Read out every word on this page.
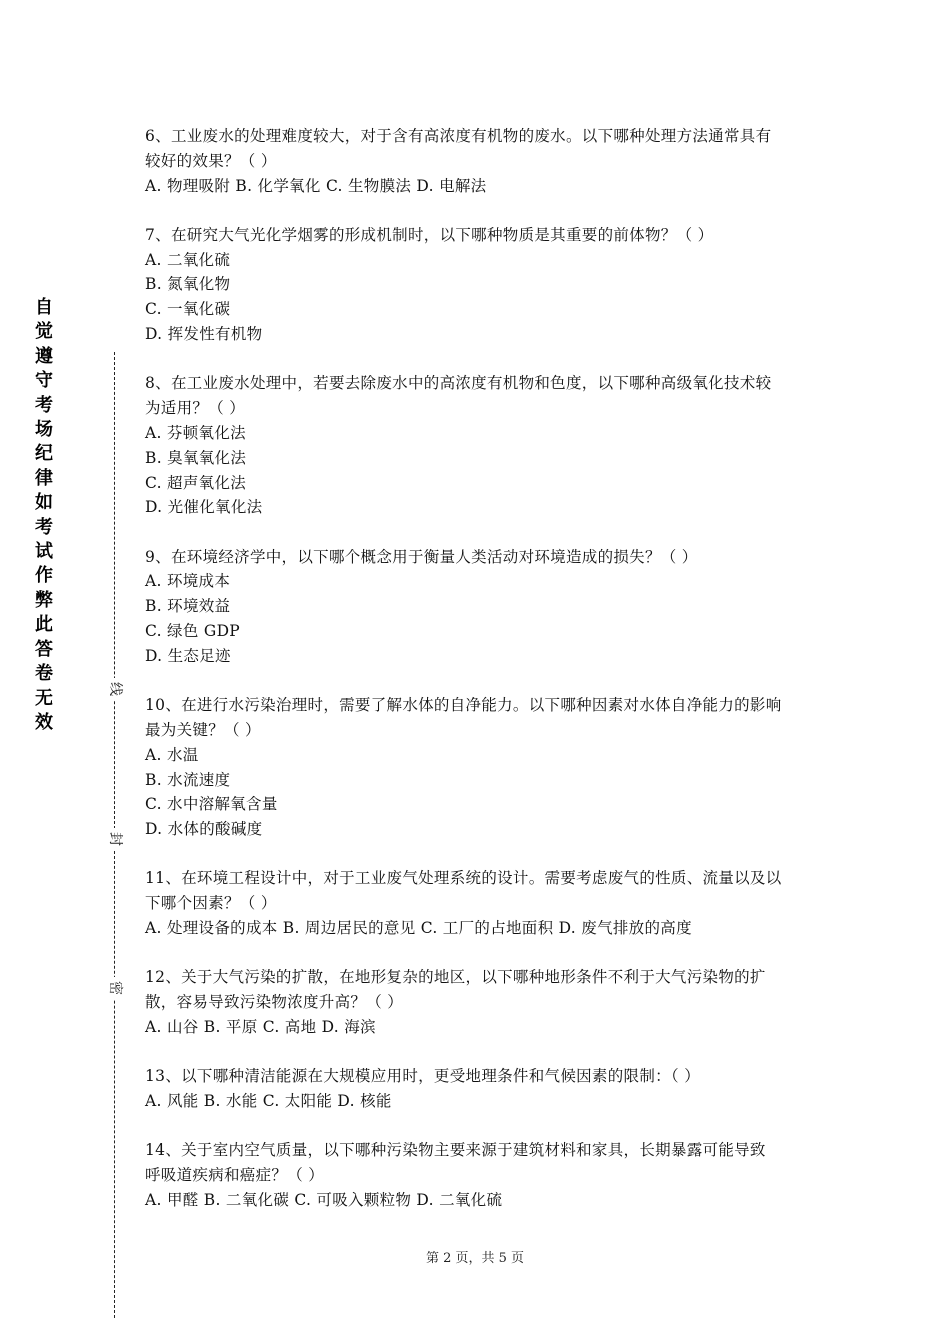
自觉遵守考场纪律如考试作弊此答卷无效
线
封
密

6、工业废水的处理难度较大，对于含有高浓度有机物的废水。以下哪种处理方法通常具有

较好的效果？（ ）

A. 物理吸附 B. 化学氧化 C. 生物膜法 D. 电解法

7、在研究大气光化学烟雾的形成机制时，以下哪种物质是其重要的前体物？（ ）

A. 二氧化硫

B. 氮氧化物

C. 一氧化碳

D. 挥发性有机物

8、在工业废水处理中，若要去除废水中的高浓度有机物和色度，以下哪种高级氧化技术较

为适用？（ ）

A. 芬顿氧化法

B. 臭氧氧化法

C. 超声氧化法

D. 光催化氧化法

9、在环境经济学中，以下哪个概念用于衡量人类活动对环境造成的损失？（ ）

A. 环境成本

B. 环境效益

C. 绿色 GDP

D. 生态足迹

10、在进行水污染治理时，需要了解水体的自净能力。以下哪种因素对水体自净能力的影响

最为关键？（ ）

A. 水温

B. 水流速度

C. 水中溶解氧含量

D. 水体的酸碱度

11、在环境工程设计中，对于工业废气处理系统的设计。需要考虑废气的性质、流量以及以

下哪个因素？（ ）

A. 处理设备的成本 B. 周边居民的意见 C. 工厂的占地面积 D. 废气排放的高度

12、关于大气污染的扩散，在地形复杂的地区，以下哪种地形条件不利于大气污染物的扩

散，容易导致污染物浓度升高？（ ）

A. 山谷 B. 平原 C. 高地 D. 海滨

13、以下哪种清洁能源在大规模应用时，更受地理条件和气候因素的限制：（ ）

A. 风能 B. 水能 C. 太阳能 D. 核能

14、关于室内空气质量，以下哪种污染物主要来源于建筑材料和家具，长期暴露可能导致

呼吸道疾病和癌症？（ ）

A. 甲醛 B. 二氧化碳 C. 可吸入颗粒物 D. 二氧化硫

第 2 页，共 5 页
